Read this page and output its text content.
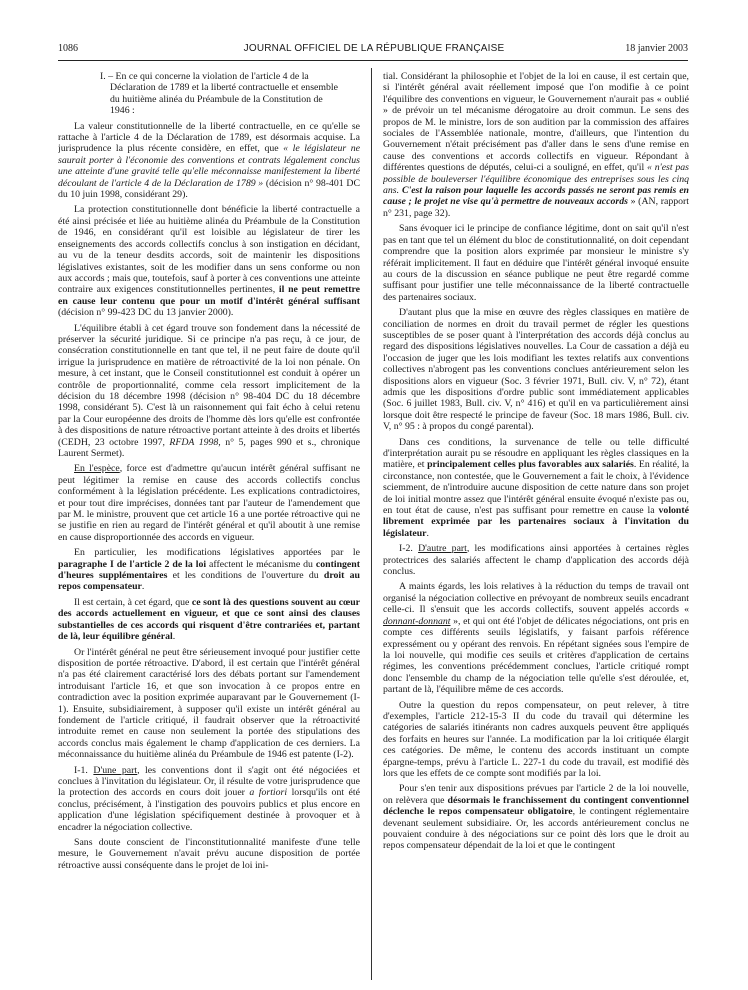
1086	JOURNAL OFFICIEL DE LA RÉPUBLIQUE FRANÇAISE	18 janvier 2003

I. – En ce qui concerne la violation de l'article 4 de la Déclaration de 1789 et la liberté contractuelle et ensemble du huitième alinéa du Préambule de la Constitution de 1946 :

La valeur constitutionnelle de la liberté contractuelle, en ce qu'elle se rattache à l'article 4 de la Déclaration de 1789, est désormais acquise. La jurisprudence la plus récente considère, en effet, que « le législateur ne saurait porter à l'économie des conventions et contrats légalement conclus une atteinte d'une gravité telle qu'elle méconnaisse manifestement la liberté découlant de l'article 4 de la Déclaration de 1789 » (décision n° 98-401 DC du 10 juin 1998, considérant 29).

La protection constitutionnelle dont bénéficie la liberté contractuelle a été ainsi précisée et liée au huitième alinéa du Préambule de la Constitution de 1946, en considérant qu'il est loisible au législateur de tirer les enseignements des accords collectifs conclus à son instigation en décidant, au vu de la teneur desdits accords, soit de maintenir les dispositions législatives existantes, soit de les modifier dans un sens conforme ou non aux accords ; mais que, toutefois, sauf à porter à ces conventions une atteinte contraire aux exigences constitutionnelles pertinentes, il ne peut remettre en cause leur contenu que pour un motif d'intérêt général suffisant (décision n° 99-423 DC du 13 janvier 2000).

L'équilibre établi à cet égard trouve son fondement dans la nécessité de préserver la sécurité juridique. Si ce principe n'a pas reçu, à ce jour, de consécration constitutionnelle en tant que tel, il ne peut faire de doute qu'il irrigue la jurisprudence en matière de rétroactivité de la loi non pénale. On mesure, à cet instant, que le Conseil constitutionnel est conduit à opérer un contrôle de proportionnalité, comme cela ressort implicitement de la décision du 18 décembre 1998 (décision n° 98-404 DC du 18 décembre 1998, considérant 5). C'est là un raisonnement qui fait écho à celui retenu par la Cour européenne des droits de l'homme dès lors qu'elle est confrontée à des dispositions de nature rétroactive portant atteinte à des droits et libertés (CEDH, 23 octobre 1997, RFDA 1998, n° 5, pages 990 et s., chronique Laurent Sermet).

En l'espèce, force est d'admettre qu'aucun intérêt général suffisant ne peut légitimer la remise en cause des accords collectifs conclus conformément à la législation précédente. Les explications contradictoires, et pour tout dire imprécises, données tant par l'auteur de l'amendement que par M. le ministre, prouvent que cet article 16 a une portée rétroactive qui ne se justifie en rien au regard de l'intérêt général et qu'il aboutit à une remise en cause disproportionnée des accords en vigueur.

En particulier, les modifications législatives apportées par le paragraphe I de l'article 2 de la loi affectent le mécanisme du contingent d'heures supplémentaires et les conditions de l'ouverture du droit au repos compensateur.

Il est certain, à cet égard, que ce sont là des questions souvent au cœur des accords actuellement en vigueur, et que ce sont ainsi des clauses substantielles de ces accords qui risquent d'être contrariées et, partant de là, leur équilibre général.

Or l'intérêt général ne peut être sérieusement invoqué pour justifier cette disposition de portée rétroactive. D'abord, il est certain que l'intérêt général n'a pas été clairement caractérisé lors des débats portant sur l'amendement introduisant l'article 16, et que son invocation à ce propos entre en contradiction avec la position exprimée auparavant par le Gouvernement (I-1). Ensuite, subsidiairement, à supposer qu'il existe un intérêt général au fondement de l'article critiqué, il faudrait observer que la rétroactivité introduite remet en cause non seulement la portée des stipulations des accords conclus mais également le champ d'application de ces derniers. La méconnaissance du huitième alinéa du Préambule de 1946 est patente (I-2).

I-1. D'une part, les conventions dont il s'agit ont été négociées et conclues à l'invitation du législateur. Or, il résulte de votre jurisprudence que la protection des accords en cours doit jouer a fortiori lorsqu'ils ont été conclus, précisément, à l'instigation des pouvoirs publics et plus encore en application d'une législation spécifiquement destinée à provoquer et à encadrer la négociation collective.

Sans doute conscient de l'inconstitutionnalité manifeste d'une telle mesure, le Gouvernement n'avait prévu aucune disposition de portée rétroactive aussi conséquente dans le projet de loi ini-

tial. Considérant la philosophie et l'objet de la loi en cause, il est certain que, si l'intérêt général avait réellement imposé que l'on modifie à ce point l'équilibre des conventions en vigueur, le Gouvernement n'aurait pas « oublié » de prévoir un tel mécanisme dérogatoire au droit commun. Le sens des propos de M. le ministre, lors de son audition par la commission des affaires sociales de l'Assemblée nationale, montre, d'ailleurs, que l'intention du Gouvernement n'était précisément pas d'aller dans le sens d'une remise en cause des conventions et accords collectifs en vigueur. Répondant à différentes questions de députés, celui-ci a souligné, en effet, qu'il « n'est pas possible de bouleverser l'équilibre économique des entreprises sous les cinq ans. C'est la raison pour laquelle les accords passés ne seront pas remis en cause ; le projet ne vise qu'à permettre de nouveaux accords » (AN, rapport n° 231, page 32).

Sans évoquer ici le principe de confiance légitime, dont on sait qu'il n'est pas en tant que tel un élément du bloc de constitutionnalité, on doit cependant comprendre que la position alors exprimée par monsieur le ministre s'y référait implicitement. Il faut en déduire que l'intérêt général invoqué ensuite au cours de la discussion en séance publique ne peut être regardé comme suffisant pour justifier une telle méconnaissance de la liberté contractuelle des partenaires sociaux.

D'autant plus que la mise en œuvre des règles classiques en matière de conciliation de normes en droit du travail permet de régler les questions susceptibles de se poser quant à l'interprétation des accords déjà conclus au regard des dispositions législatives nouvelles. La Cour de cassation a déjà eu l'occasion de juger que les lois modifiant les textes relatifs aux conventions collectives n'abrogent pas les conventions conclues antérieurement selon les dispositions alors en vigueur (Soc. 3 février 1971, Bull. civ. V, n° 72), étant admis que les dispositions d'ordre public sont immédiatement applicables (Soc. 6 juillet 1983, Bull. civ. V, n° 416) et qu'il en va particulièrement ainsi lorsque doit être respecté le principe de faveur (Soc. 18 mars 1986, Bull. civ. V, n° 95 : à propos du congé parental).

Dans ces conditions, la survenance de telle ou telle difficulté d'interprétation aurait pu se résoudre en appliquant les règles classiques en la matière, et principalement celles plus favorables aux salariés. En réalité, la circonstance, non contestée, que le Gouvernement a fait le choix, à l'évidence sciemment, de n'introduire aucune disposition de cette nature dans son projet de loi initial montre assez que l'intérêt général ensuite évoqué n'existe pas ou, en tout état de cause, n'est pas suffisant pour remettre en cause la volonté librement exprimée par les partenaires sociaux à l'invitation du législateur.

I-2. D'autre part, les modifications ainsi apportées à certaines règles protectrices des salariés affectent le champ d'application des accords déjà conclus.

A maints égards, les lois relatives à la réduction du temps de travail ont organisé la négociation collective en prévoyant de nombreux seuils encadrant celle-ci. Il s'ensuit que les accords collectifs, souvent appelés accords « donnant-donnant », et qui ont été l'objet de délicates négociations, ont pris en compte ces différents seuils législatifs, y faisant parfois référence expressément ou y opérant des renvois. En répétant signées sous l'empire de la loi nouvelle, qui modifie ces seuils et critères d'application de certains régimes, les conventions précédemment conclues, l'article critiqué rompt donc l'ensemble du champ de la négociation telle qu'elle s'est déroulée, et, partant de là, l'équilibre même de ces accords.

Outre la question du repos compensateur, on peut relever, à titre d'exemples, l'article 212-15-3 II du code du travail qui détermine les catégories de salariés itinérants non cadres auxquels peuvent être appliqués des forfaits en heures sur l'année. La modification par la loi critiquée élargit ces catégories. De même, le contenu des accords instituant un compte épargne-temps, prévu à l'article L. 227-1 du code du travail, est modifié dès lors que les effets de ce compte sont modifiés par la loi.

Pour s'en tenir aux dispositions prévues par l'article 2 de la loi nouvelle, on relèvera que désormais le franchissement du contingent conventionnel déclenche le repos compensateur obligatoire, le contingent réglementaire devenant seulement subsidiaire. Or, les accords antérieurement conclus ne pouvaient conduire à des négociations sur ce point dès lors que le droit au repos compensateur dépendait de la loi et que le contingent
